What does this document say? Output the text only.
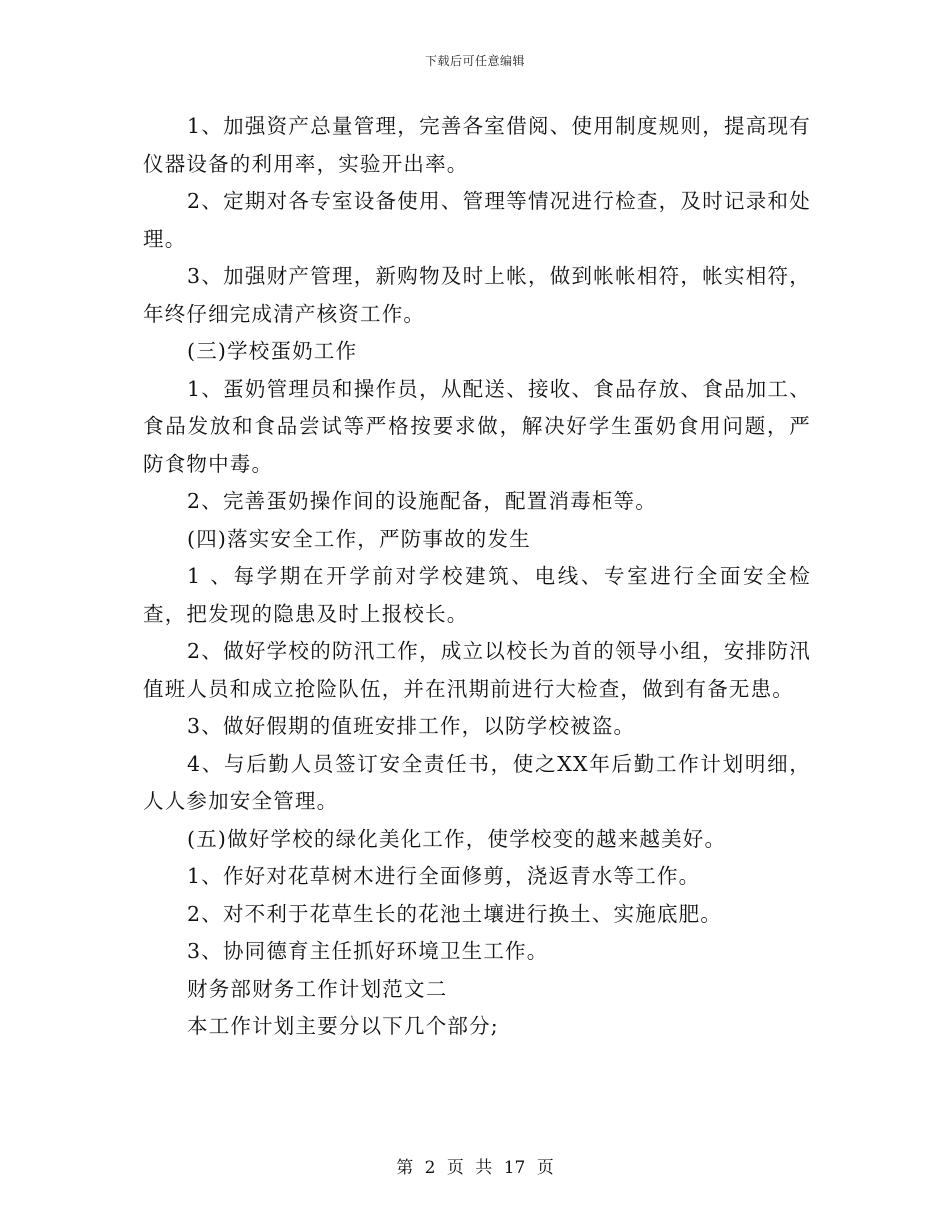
下载后可任意编辑

1、加强资产总量管理，完善各室借阅、使用制度规则，提高现有仪器设备的利用率，实验开出率。

2、定期对各专室设备使用、管理等情况进行检查，及时记录和处理。

3、加强财产管理，新购物及时上帐，做到帐帐相符，帐实相符，年终仔细完成清产核资工作。

(三)学校蛋奶工作

1、蛋奶管理员和操作员，从配送、接收、食品存放、食品加工、食品发放和食品尝试等严格按要求做，解决好学生蛋奶食用问题，严防食物中毒。

2、完善蛋奶操作间的设施配备，配置消毒柜等。

(四)落实安全工作，严防事故的发生

1 、每学期在开学前对学校建筑、电线、专室进行全面安全检查，把发现的隐患及时上报校长。

2、做好学校的防汛工作，成立以校长为首的领导小组，安排防汛值班人员和成立抢险队伍，并在汛期前进行大检查，做到有备无患。

3、做好假期的值班安排工作，以防学校被盗。

4、与后勤人员签订安全责任书，使之XX年后勤工作计划明细，人人参加安全管理。

(五)做好学校的绿化美化工作，使学校变的越来越美好。

1、作好对花草树木进行全面修剪，浇返青水等工作。

2、对不利于花草生长的花池土壤进行换土、实施底肥。

3、协同德育主任抓好环境卫生工作。

财务部财务工作计划范文二

本工作计划主要分以下几个部分;

第 2 页 共 17 页
